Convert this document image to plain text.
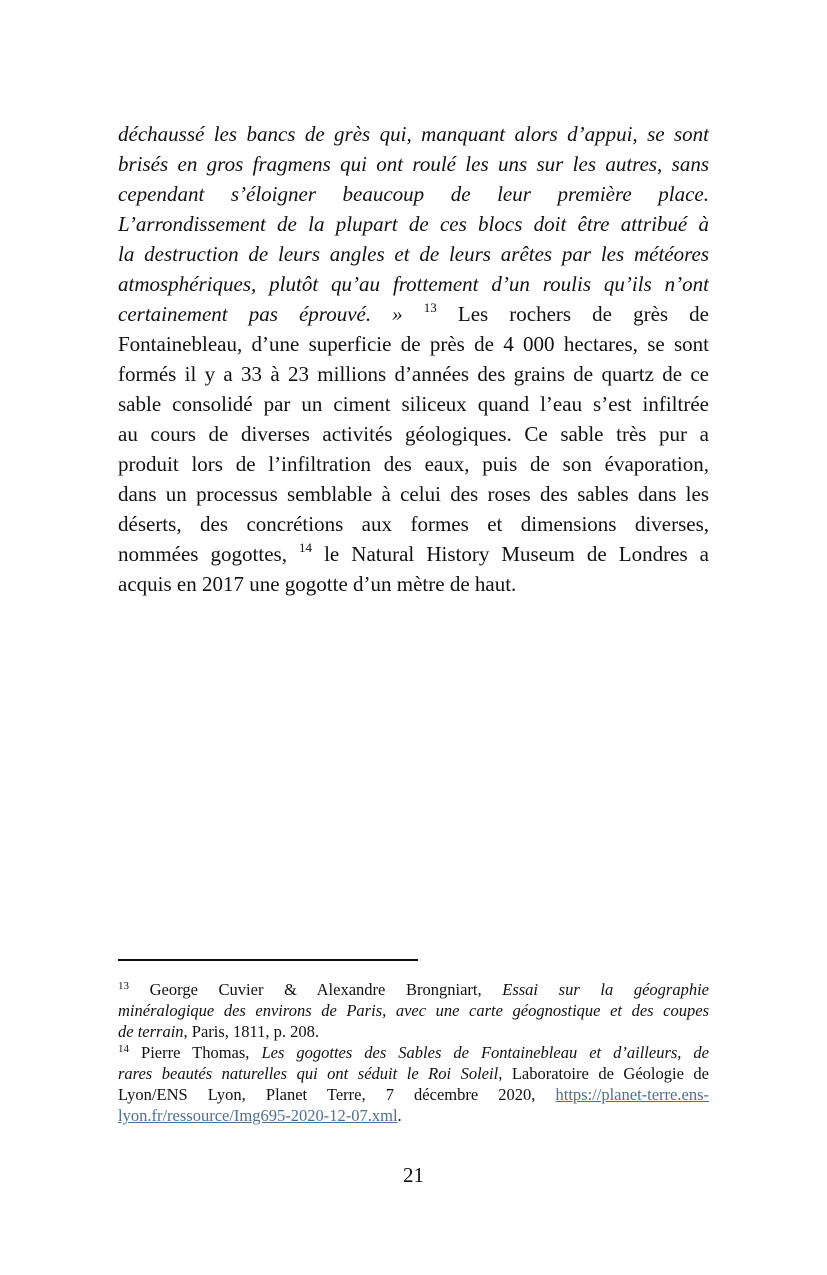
déchaussé les bancs de grès qui, manquant alors d’appui, se sont
brisés en gros fragmens qui ont roulé les uns sur les autres, sans
cependant s’éloigner beaucoup de leur première place.
L’arrondissement de la plupart de ces blocs doit être attribué à
la destruction de leurs angles et de leurs arêtes par les météores
atmosphériques, plutôt qu’au frottement d’un roulis qu’ils n’ont
certainement pas éprouvé. » $^{13}$ Les rochers de grès de
Fontainebleau, d’une superficie de près de 4 000 hectares, se sont
formés il y a 33 à 23 millions d’années des grains de quartz de ce
sable consolidé par un ciment siliceux quand l’eau s’est infiltrée
au cours de diverses activités géologiques. Ce sable très pur a
produit lors de l’infiltration des eaux, puis de son évaporation,
dans un processus semblable à celui des roses des sables dans les
déserts, des concrétions aux formes et dimensions diverses,
nommées gogottes, $^{14}$ le Natural History Museum de Londres a
acquis en 2017 une gogotte d’un mètre de haut.
$^{13}$ George Cuvier & Alexandre Brongniart, Essai sur la géographie
minéralogique des environs de Paris, avec une carte géognostique et des coupes
de terrain, Paris, 1811, p. 208.
$^{14}$ Pierre Thomas, Les gogottes des Sables de Fontainebleau et d’ailleurs, de
rares beautés naturelles qui ont séduit le Roi Soleil, Laboratoire de Géologie de
Lyon/ENS Lyon, Planet Terre, 7 décembre 2020, https://planet-terre.ens-
lyon.fr/ressource/Img695-2020-12-07.xml.
21
